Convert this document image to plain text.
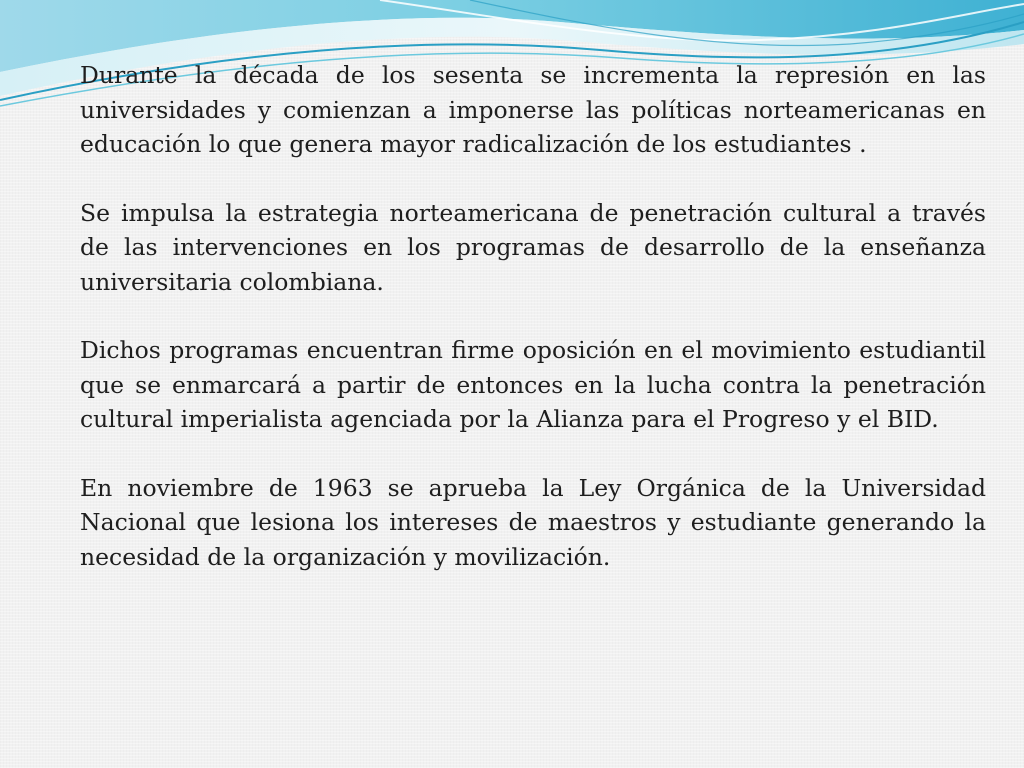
Durante la década de los sesenta se incrementa la represión en las universidades y comienzan a imponerse las políticas norteamericanas en educación lo que genera mayor radicalización de los estudiantes .

Se impulsa la estrategia norteamericana de penetración cultural a través de las intervenciones en los programas de desarrollo de la enseñanza universitaria colombiana.

Dichos programas encuentran firme oposición en el movimiento estudiantil que se enmarcará a partir de entonces en la lucha contra la penetración cultural imperialista agenciada por la Alianza para el Progreso y el BID.

En noviembre de 1963 se aprueba la Ley Orgánica de la Universidad Nacional que lesiona los intereses de maestros y estudiante generando la necesidad de la organización y movilización.
